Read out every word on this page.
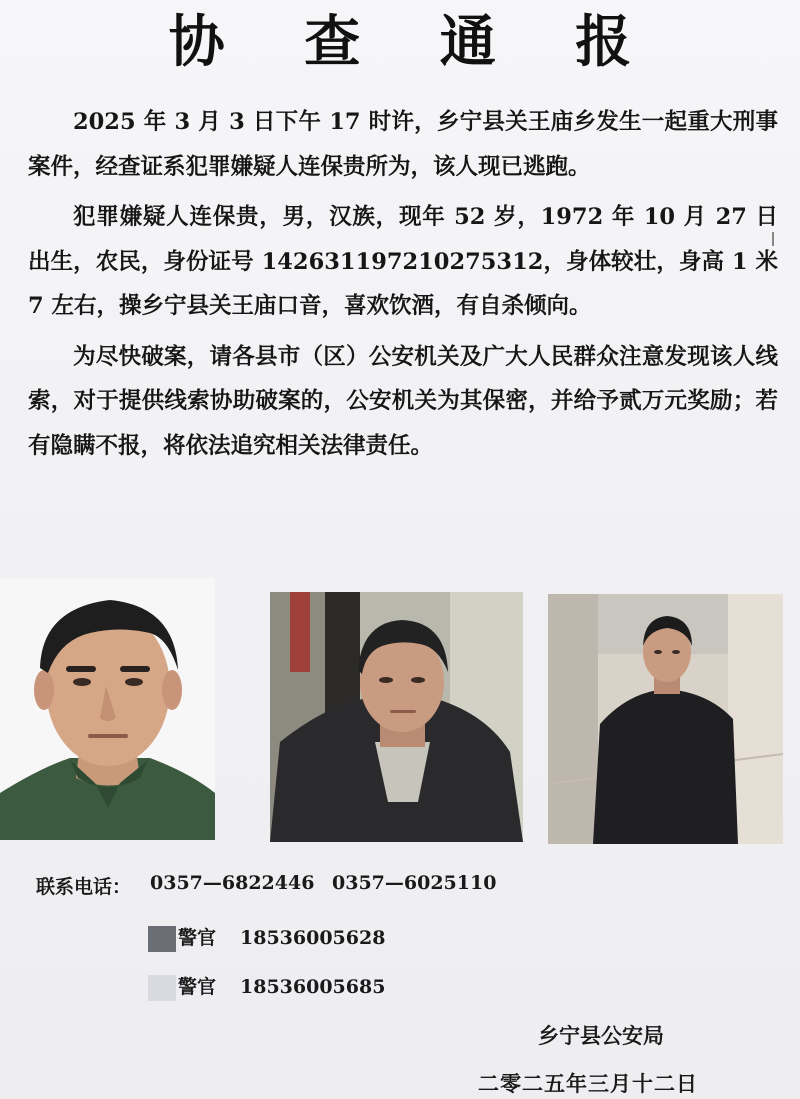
协 查 通 报

2025 年 3 月 3 日下午 17 时许，乡宁县关王庙乡发生一起重大刑事案件，经查证系犯罪嫌疑人连保贵所为，该人现已逃跑。

犯罪嫌疑人连保贵，男，汉族，现年 52 岁，1972 年 10 月 27 日出生，农民，身份证号 142631197210275312，身体较壮，身高 1 米 7 左右，操乡宁县关王庙口音，喜欢饮酒，有自杀倾向。

为尽快破案，请各县市（区）公安机关及广大人民群众注意发现该人线索，对于提供线索协助破案的，公安机关为其保密，并给予贰万元奖励；若有隐瞒不报，将依法追究相关法律责任。

联系电话： 0357—6822446 0357—6025110
警官 18536005628
警官 18536005685
乡宁县公安局
二零二五年三月十二日
